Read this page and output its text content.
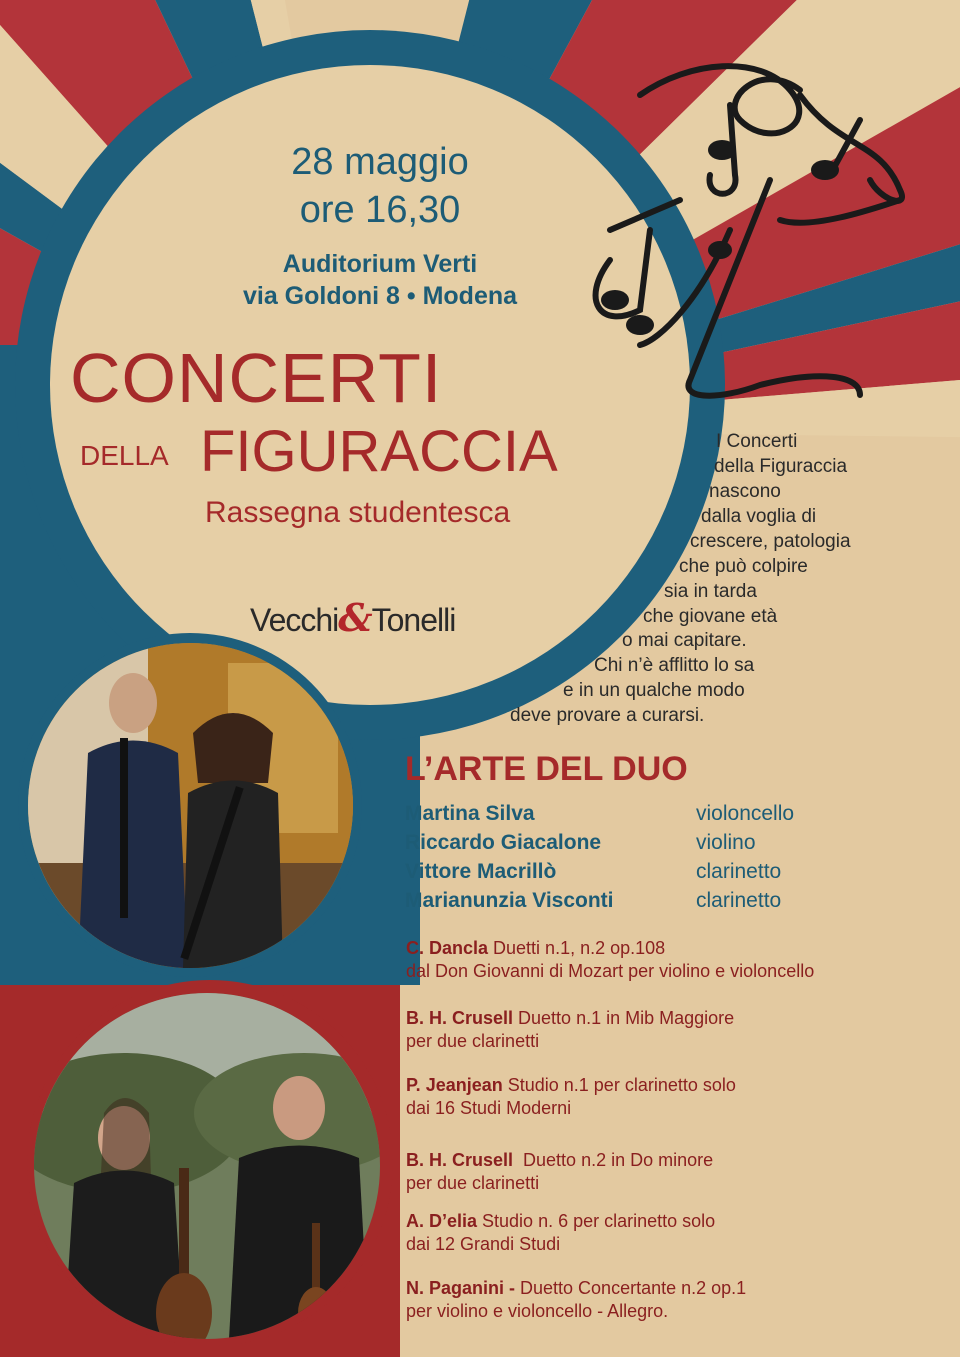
28 maggio
ore 16,30
Auditorium Verti
via Goldoni 8 • Modena
CONCERTI
DELLA FIGURACCIA
Rassegna studentesca
Vecchi&Tonelli
I Concerti
della Figuraccia
nascono
dalla voglia di
crescere, patologia
che può colpire
sia in tarda
che giovane età
o mai capitare.
Chi n’è afflitto lo sa
e in un qualche modo
deve provare a curarsi.
L’ARTE DEL DUO
Martina Silva	violoncello
Riccardo Giacalone	violino
Vittore Macrillò	clarinetto
Marianunzia Visconti	clarinetto
C. Dancla Duetti n.1, n.2 op.108
dal Don Giovanni di Mozart per violino e violoncello
B. H. Crusell Duetto n.1 in Mib Maggiore
per due clarinetti
P. Jeanjean Studio n.1 per clarinetto solo
dai 16 Studi Moderni
B. H. Crusell  Duetto n.2 in Do minore
per due clarinetti
A. D’elia Studio n. 6 per clarinetto solo
dai 12 Grandi Studi
N. Paganini - Duetto Concertante n.2 op.1
per violino e violoncello - Allegro.
